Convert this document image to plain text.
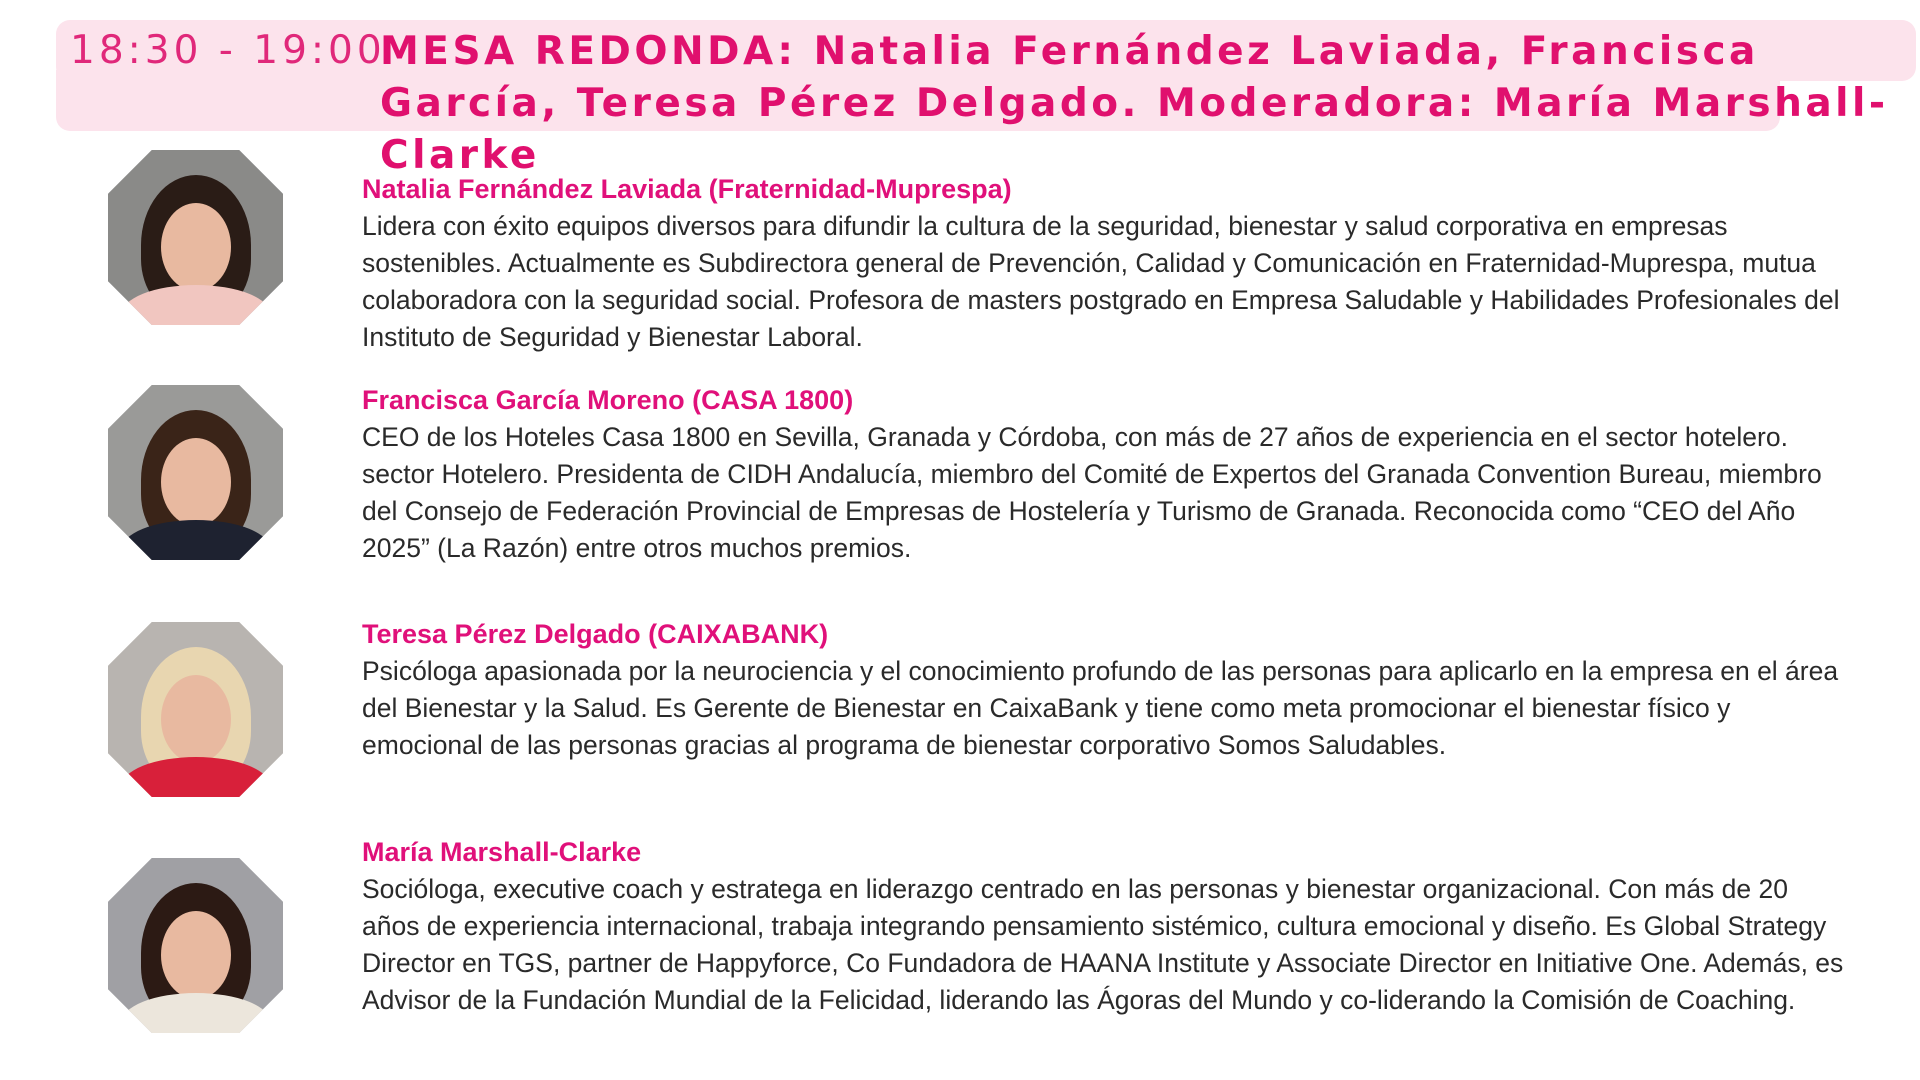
18:30 - 19:00
MESA REDONDA: Natalia Fernández Laviada, Francisca García, Teresa Pérez Delgado. Moderadora: María Marshall-Clarke
Natalia Fernández Laviada (Fraternidad-Muprespa)
Lidera con éxito equipos diversos para difundir la cultura de la seguridad, bienestar y salud corporativa en empresas sostenibles. Actualmente es Subdirectora general de Prevención, Calidad y Comunicación en Fraternidad-Muprespa, mutua colaboradora con la seguridad social. Profesora de masters postgrado en Empresa Saludable y Habilidades Profesionales del Instituto de Seguridad y Bienestar Laboral.
Francisca García Moreno (CASA 1800)
CEO de los Hoteles Casa 1800 en Sevilla, Granada y Córdoba, con más de 27 años de experiencia en el sector hotelero. sector Hotelero. Presidenta de CIDH Andalucía, miembro del Comité de Expertos del Granada Convention Bureau, miembro del Consejo de Federación Provincial de Empresas de Hostelería y Turismo de Granada. Reconocida como “CEO del Año 2025” (La Razón) entre otros muchos premios.
Teresa Pérez Delgado (CAIXABANK)
Psicóloga apasionada por la neurociencia y el conocimiento profundo de las personas para aplicarlo en la empresa en el área del Bienestar y la Salud. Es Gerente de Bienestar en CaixaBank y tiene como meta promocionar el bienestar físico y emocional de las personas gracias al programa de bienestar corporativo Somos Saludables.
María Marshall-Clarke
Socióloga, executive coach y estratega en liderazgo centrado en las personas y bienestar organizacional. Con más de 20 años de experiencia internacional, trabaja integrando pensamiento sistémico, cultura emocional y diseño. Es Global Strategy Director en TGS, partner de Happyforce, Co Fundadora de HAANA Institute y Associate Director en Initiative One. Además, es Advisor de la Fundación Mundial de la Felicidad, liderando las Ágoras del Mundo y co-liderando la Comisión de Coaching.
